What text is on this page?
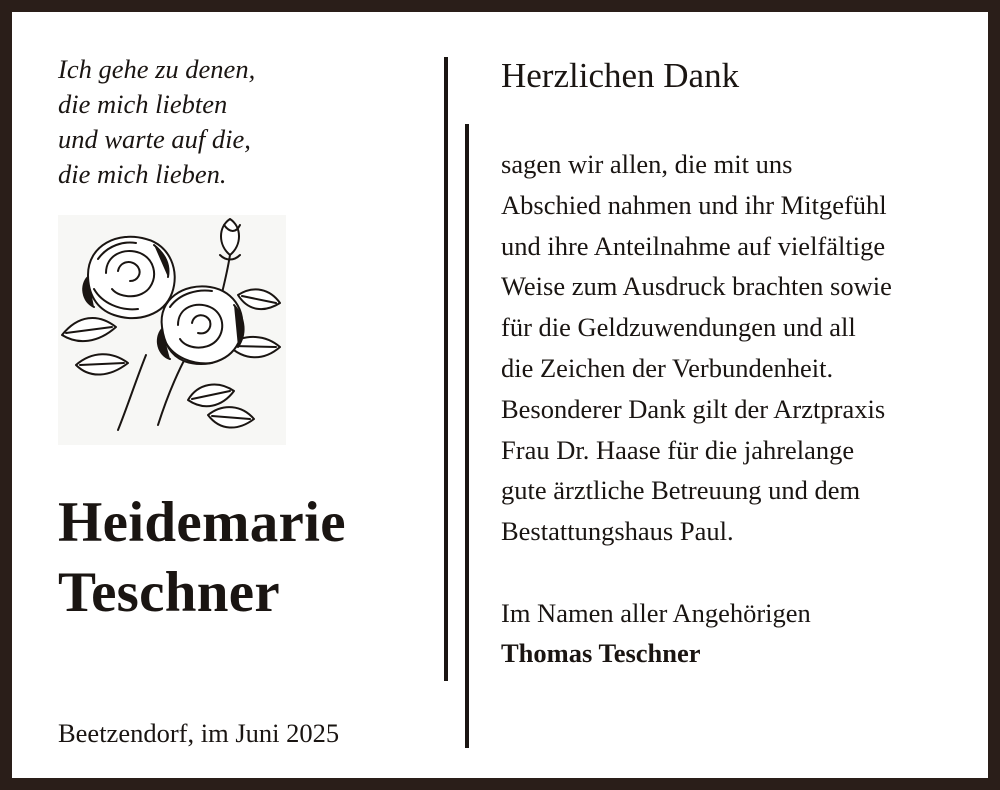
Ich gehe zu denen,
die mich liebten
und warte auf die,
die mich lieben.
Heidemarie
Teschner
Beetzendorf, im Juni 2025
Herzlichen Dank
sagen wir allen, die mit uns
Abschied nahmen und ihr Mitgefühl
und ihre Anteilnahme auf vielfältige
Weise zum Ausdruck brachten sowie
für die Geldzuwendungen und all
die Zeichen der Verbundenheit.
Besonderer Dank gilt der Arztpraxis
Frau Dr. Haase für die jahrelange
gute ärztliche Betreuung und dem
Bestattungshaus Paul.
Im Namen aller Angehörigen
Thomas Teschner
